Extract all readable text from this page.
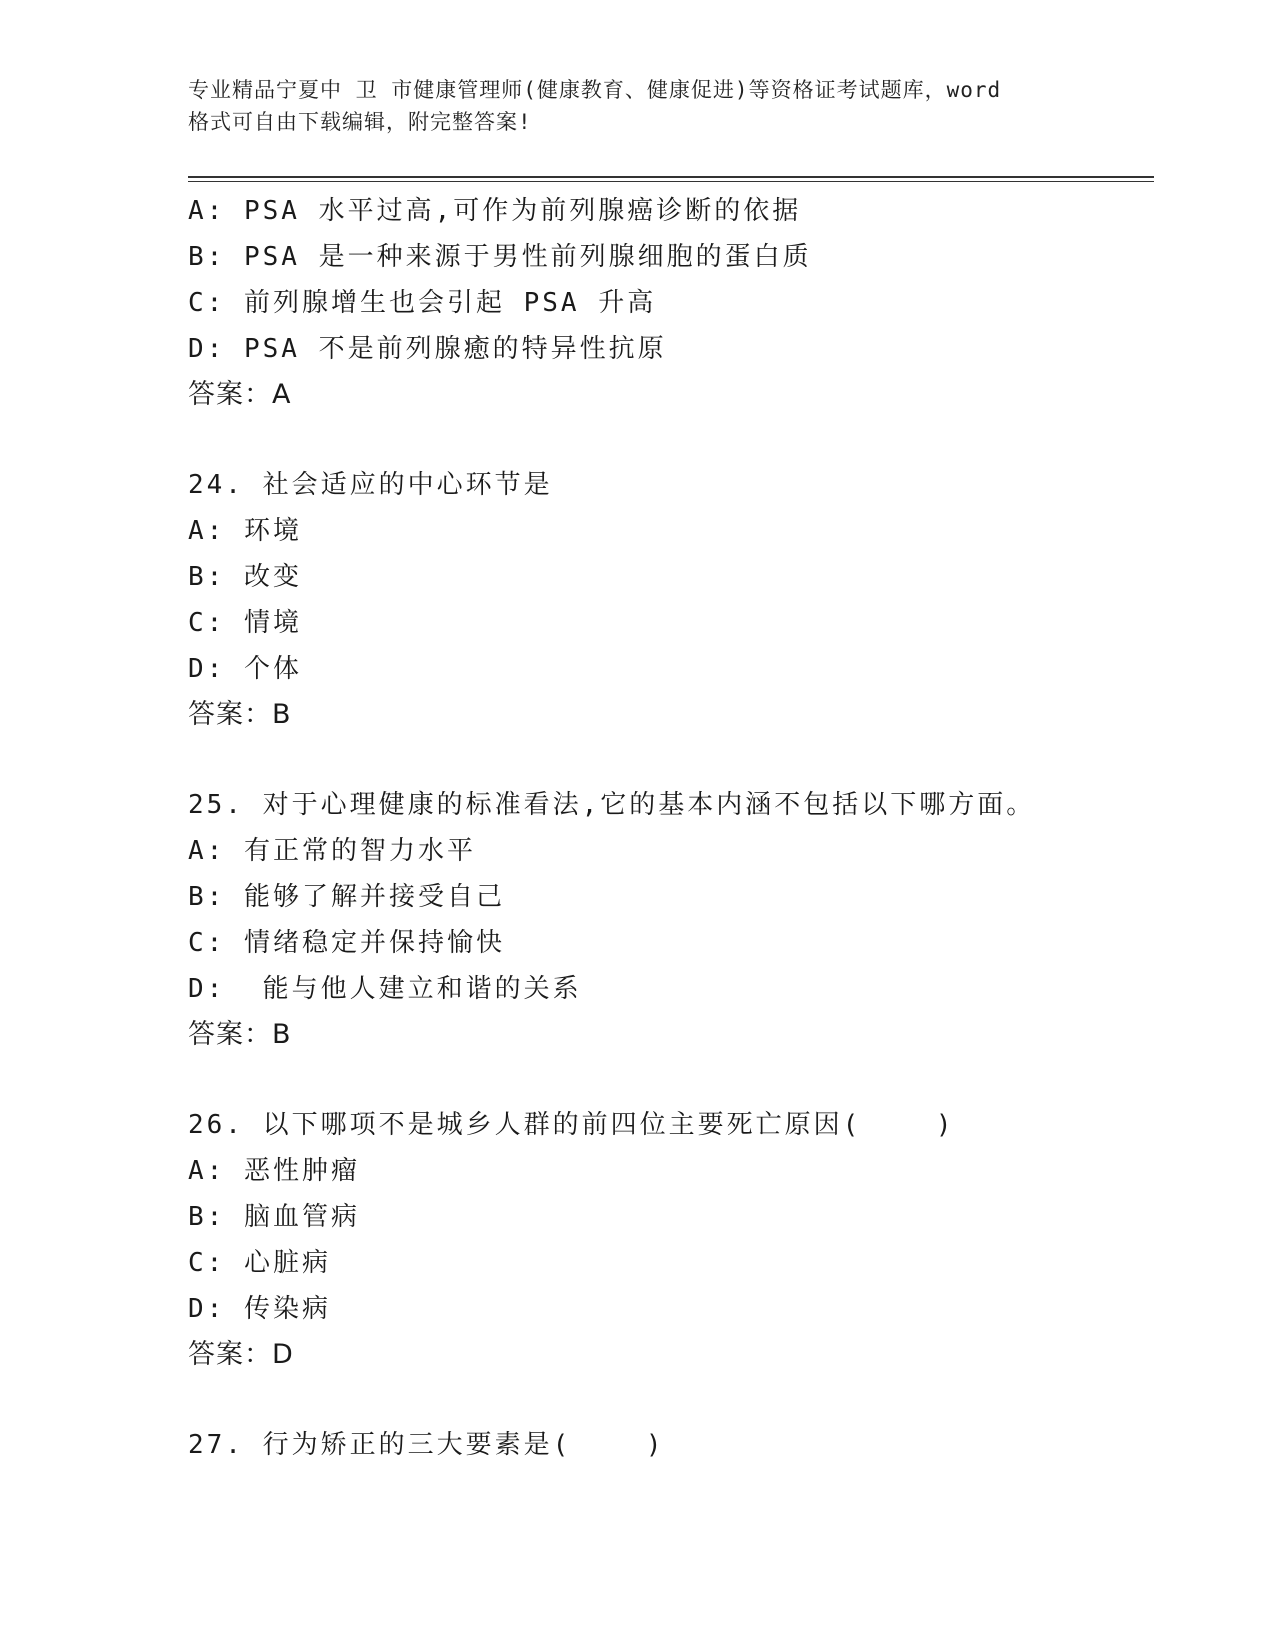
专业精品宁夏中 卫 市健康管理师(健康教育、健康促进)等资格证考试题库，word
格式可自由下载编辑，附完整答案!
A: PSA 水平过高,可作为前列腺癌诊断的依据
B: PSA 是一种来源于男性前列腺细胞的蛋白质
C: 前列腺增生也会引起 PSA 升高
D: PSA 不是前列腺癒的特异性抗原
答案：A
24. 社会适应的中心环节是
A: 环境
B: 改变
C: 情境
D: 个体
答案：B
25. 对于心理健康的标准看法,它的基本内涵不包括以下哪方面。
A: 有正常的智力水平
B: 能够了解并接受自己
C: 情绪稳定并保持愉快
D:  能与他人建立和谐的关系
答案：B
26. 以下哪项不是城乡人群的前四位主要死亡原因(    )
A: 恶性肿瘤
B: 脑血管病
C: 心脏病
D: 传染病
答案：D
27. 行为矫正的三大要素是(    )
